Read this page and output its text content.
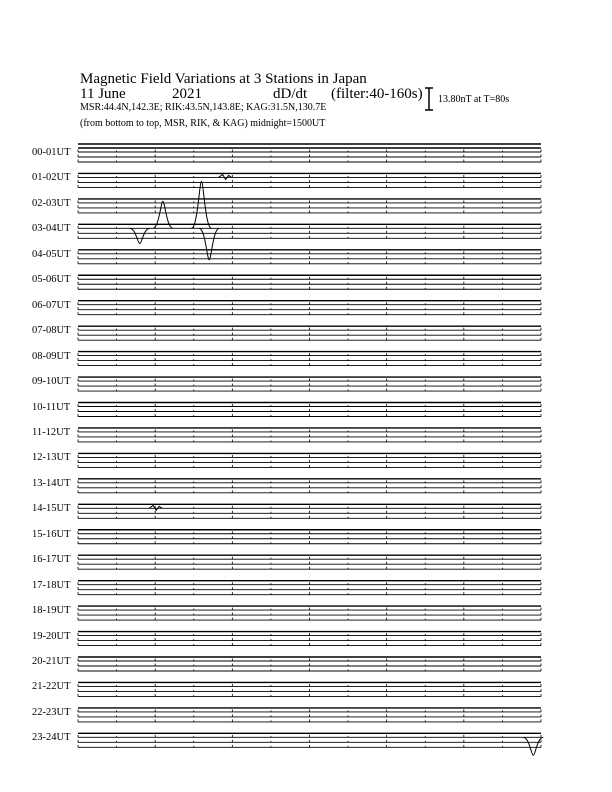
Magnetic Field Variations at 3 Stations in Japan
11 June	2021	dD/dt (filter:40-160s)
MSR:44.4N,142.3E; RIK:43.5N,143.8E; KAG:31.5N,130.7E
(from bottom to top, MSR, RIK, & KAG) midnight=1500UT
13.80nT at T=80s
00-01UT
01-02UT
02-03UT
03-04UT
04-05UT
05-06UT
06-07UT
07-08UT
08-09UT
09-10UT
10-11UT
11-12UT
12-13UT
13-14UT
14-15UT
15-16UT
16-17UT
17-18UT
18-19UT
19-20UT
20-21UT
21-22UT
22-23UT
23-24UT
